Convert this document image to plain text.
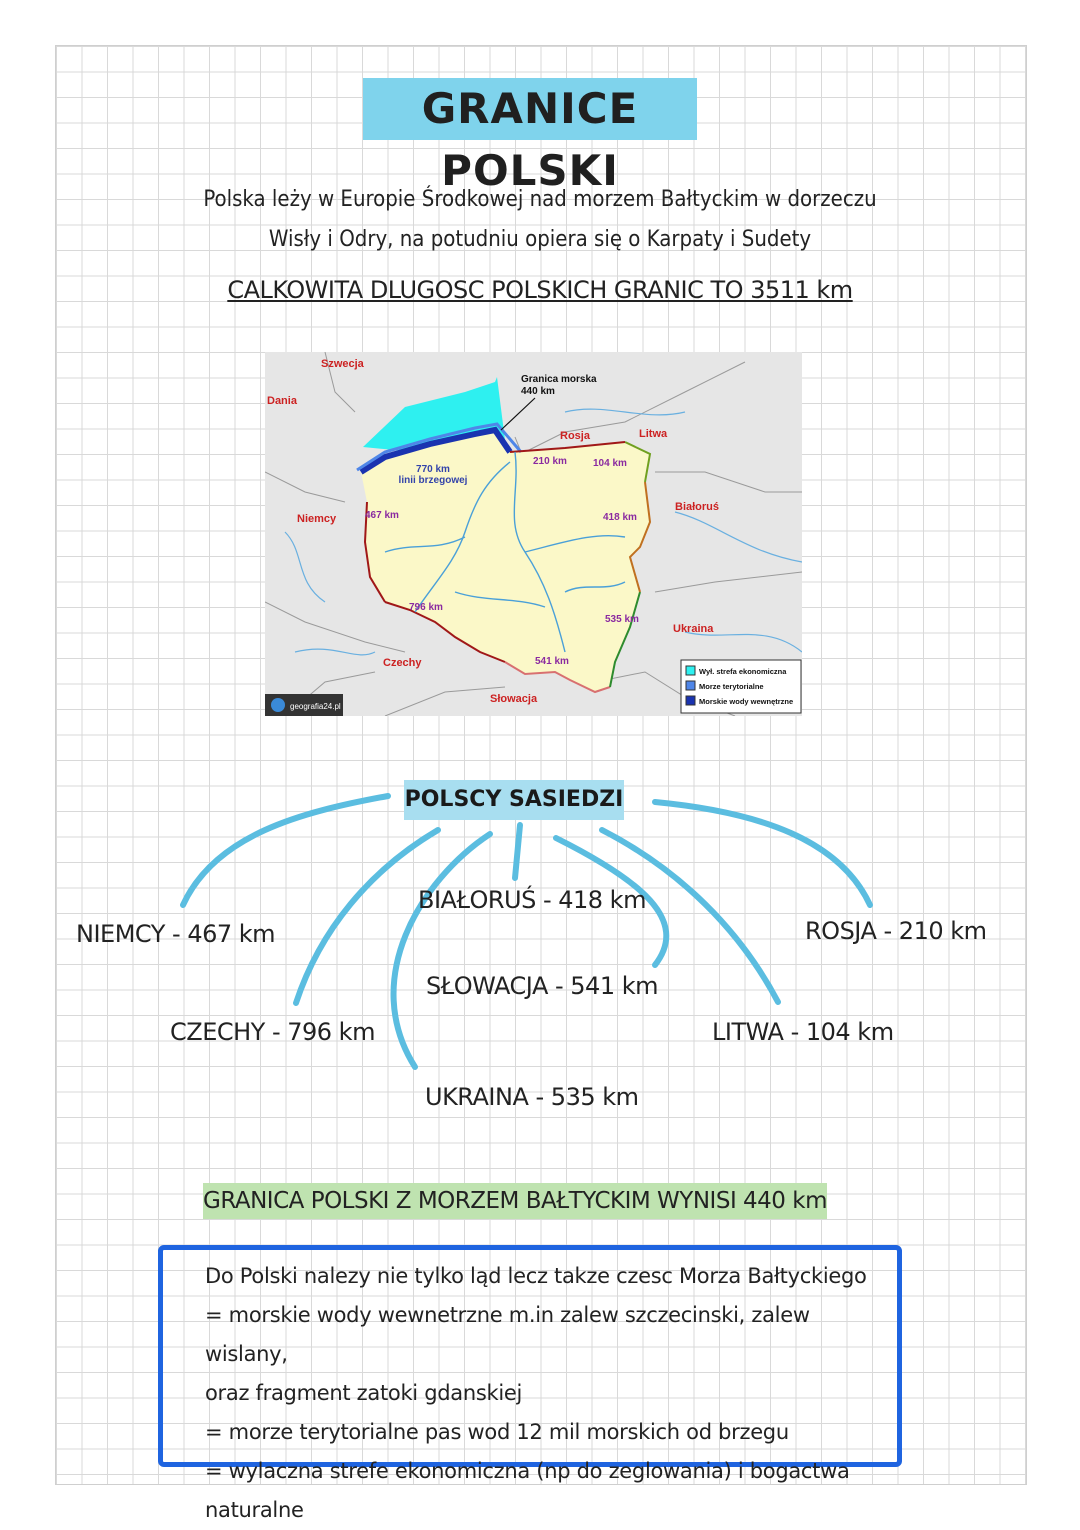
GRANICE POLSKI
Polska leży w Europie Środkowej nad morzem Bałtyckim w dorzeczu
Wisły i Odry, na potudniu opiera się o Karpaty i Sudety
CALKOWITA DLUGOSC POLSKICH GRANIC TO 3511 km
Szwecja
Dania
Niemcy
Rosja	Litwa
Białoruś
Ukraina
Czechy
Słowacja
Granica morska
440 km
770 km
linii brzegowej
467 km
210 km	104 km
418 km
796 km
535 km
541 km
Wył. strefa ekonomiczna
Morze terytorialne
Morskie wody wewnętrzne
geografia24.pl
POLSCY SASIEDZI
NIEMCY - 467 km
CZECHY - 796 km
BIAŁORUŚ - 418 km
SŁOWACJA - 541 km
UKRAINA - 535 km
ROSJA - 210 km
LITWA - 104 km
GRANICA POLSKI Z MORZEM BAŁTYCKIM WYNISI 440 km
Do Polski nalezy nie tylko ląd lecz takze czesc Morza Bałtyckiego
= morskie wody wewnetrzne m.in zalew szczecinski, zalew wislany,
oraz fragment zatoki gdanskiej
= morze terytorialne pas wod 12 mil morskich od brzegu
= wylaczna strefe ekonomiczna (np do zeglowania) i bogactwa naturalne
